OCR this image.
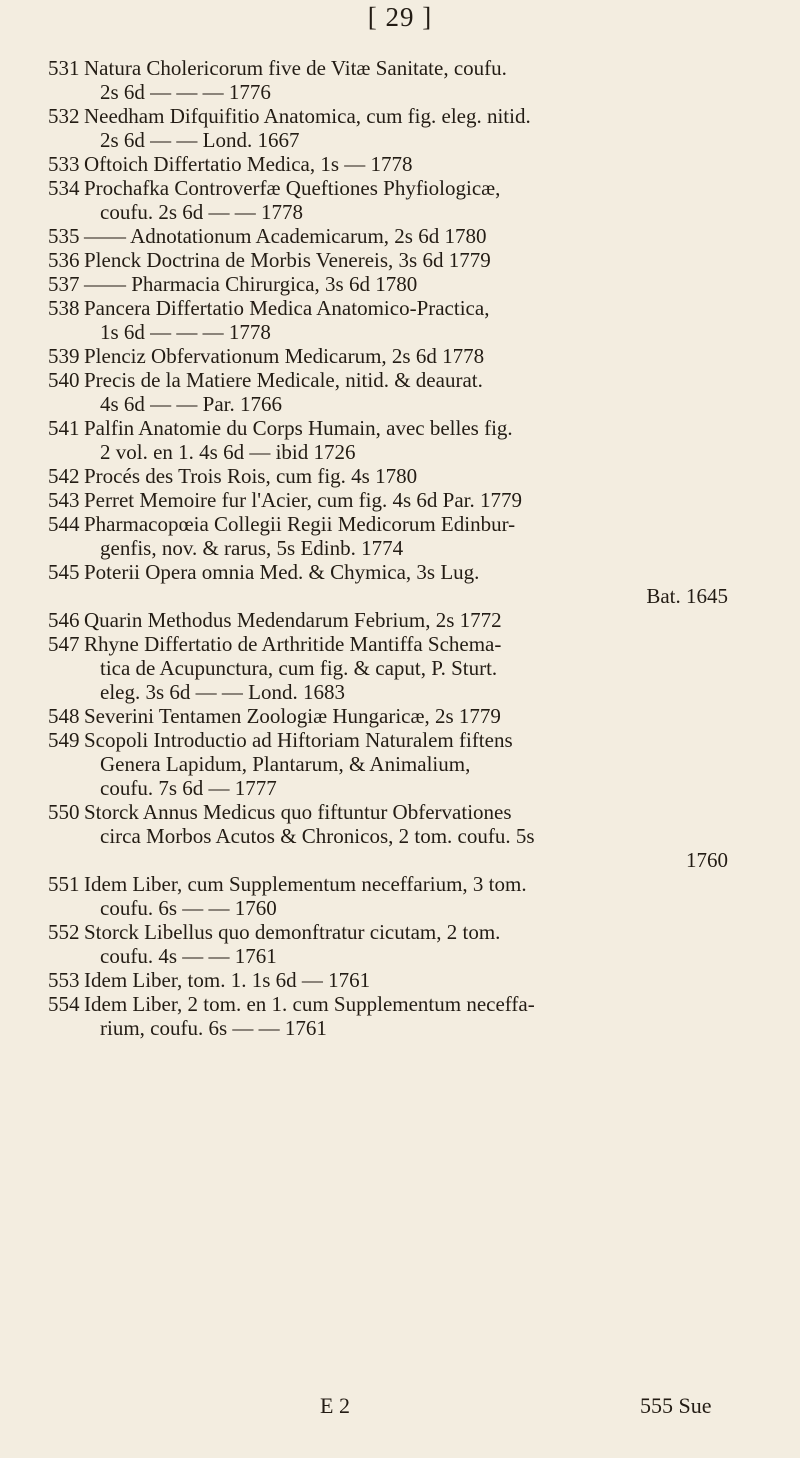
[ 29 ]
531 Natura Cholericorum five de Vitæ Sanitate, coufu.
2s 6d — — — 1776
532 Needham Difquifitio Anatomica, cum fig. eleg. nitid.
2s 6d — — Lond. 1667
533 Oftoich Differtatio Medica, 1s — 1778
534 Prochafka Controverfæ Queftiones Phyfiologicæ,
coufu. 2s 6d — — 1778
535 —— Adnotationum Academicarum, 2s 6d 1780
536 Plenck Doctrina de Morbis Venereis, 3s 6d 1779
537 —— Pharmacia Chirurgica, 3s 6d 1780
538 Pancera Differtatio Medica Anatomico-Practica,
1s 6d — — — 1778
539 Plenciz Obfervationum Medicarum, 2s 6d 1778
540 Precis de la Matiere Medicale, nitid. & deaurat.
4s 6d — — Par. 1766
541 Palfin Anatomie du Corps Humain, avec belles fig.
2 vol. en 1. 4s 6d — ibid 1726
542 Procés des Trois Rois, cum fig. 4s 1780
543 Perret Memoire fur l'Acier, cum fig. 4s 6d Par. 1779
544 Pharmacopœia Collegii Regii Medicorum Edinbur-
genfis, nov. & rarus, 5s Edinb. 1774
545 Poterii Opera omnia Med. & Chymica, 3s Lug.
Bat. 1645
546 Quarin Methodus Medendarum Febrium, 2s 1772
547 Rhyne Differtatio de Arthritide Mantiffa Schema-
tica de Acupunctura, cum fig. & caput, P. Sturt.
eleg. 3s 6d — — Lond. 1683
548 Severini Tentamen Zoologiæ Hungaricæ, 2s 1779
549 Scopoli Introductio ad Hiftoriam Naturalem fiftens
Genera Lapidum, Plantarum, & Animalium,
coufu. 7s 6d — 1777
550 Storck Annus Medicus quo fiftuntur Obfervationes
circa Morbos Acutos & Chronicos, 2 tom. coufu. 5s
1760
551 Idem Liber, cum Supplementum neceffarium, 3 tom.
coufu. 6s — — 1760
552 Storck Libellus quo demonftratur cicutam, 2 tom.
coufu. 4s — — 1761
553 Idem Liber, tom. 1. 1s 6d — 1761
554 Idem Liber, 2 tom. en 1. cum Supplementum neceffa-
rium, coufu. 6s — — 1761
E 2	555 Sue
